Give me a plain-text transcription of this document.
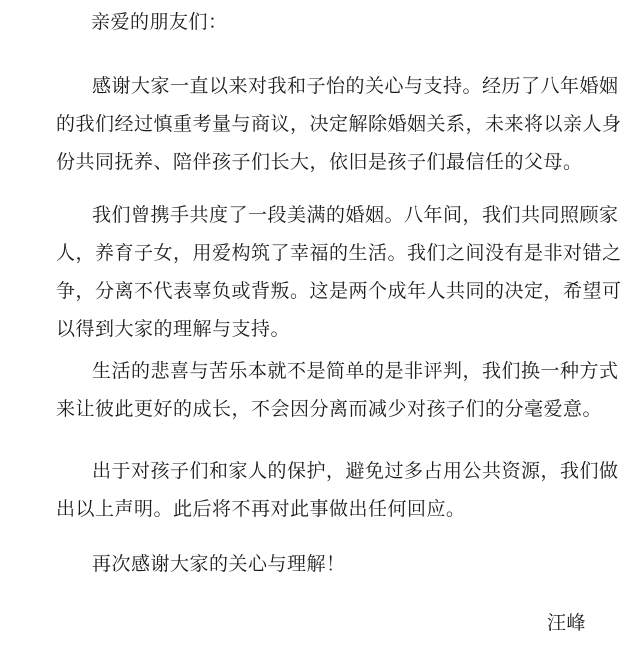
亲爱的朋友们：

感谢大家一直以来对我和子怡的关心与支持。经历了八年婚姻的我们经过慎重考量与商议，决定解除婚姻关系，未来将以亲人身份共同抚养、陪伴孩子们长大，依旧是孩子们最信任的父母。

我们曾携手共度了一段美满的婚姻。八年间，我们共同照顾家人，养育子女，用爱构筑了幸福的生活。我们之间没有是非对错之争，分离不代表辜负或背叛。这是两个成年人共同的决定，希望可以得到大家的理解与支持。

生活的悲喜与苦乐本就不是简单的是非评判，我们换一种方式来让彼此更好的成长，不会因分离而减少对孩子们的分毫爱意。

出于对孩子们和家人的保护，避免过多占用公共资源，我们做出以上声明。此后将不再对此事做出任何回应。

再次感谢大家的关心与理解！

汪峰
